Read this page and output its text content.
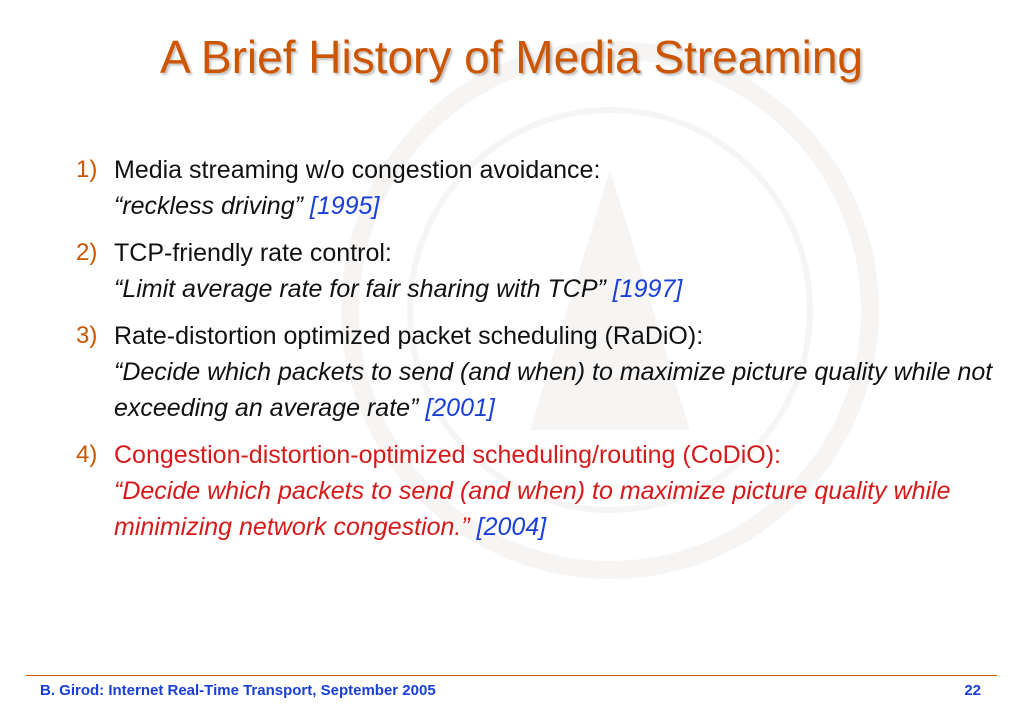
A Brief History of Media Streaming
1) Media streaming w/o congestion avoidance:
“reckless driving” [1995]
2) TCP-friendly rate control:
“Limit average rate for fair sharing with TCP” [1997]
3) Rate-distortion optimized packet scheduling (RaDiO):
“Decide which packets to send (and when) to maximize picture quality while not exceeding an average rate” [2001]
4) Congestion-distortion-optimized scheduling/routing (CoDiO):
“Decide which packets to send (and when) to maximize picture quality while minimizing network congestion.” [2004]
B. Girod: Internet Real-Time Transport, September 2005	22
